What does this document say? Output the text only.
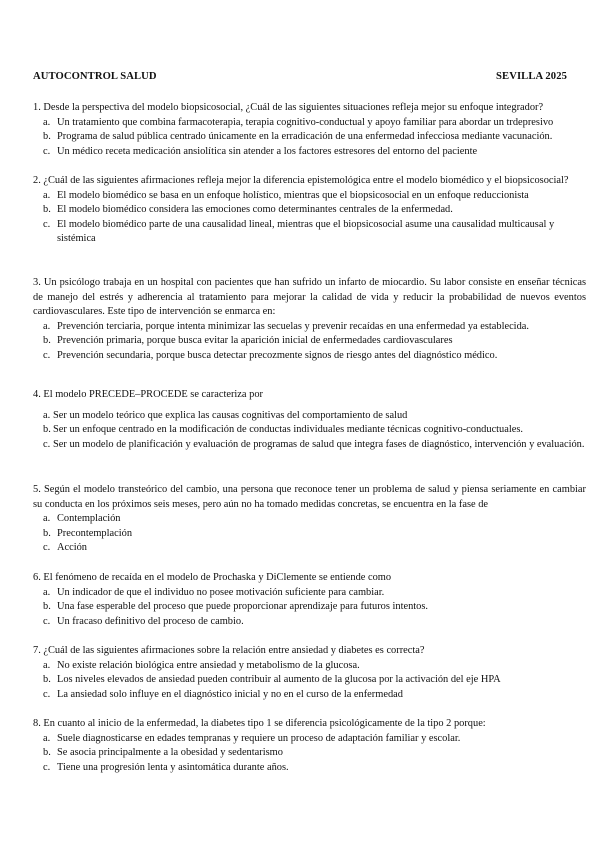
AUTOCONTROL SALUD	SEVILLA 2025

1. Desde la perspectiva del modelo biopsicosocial, ¿Cuál de las siguientes situaciones refleja mejor su enfoque integrador?

a. Un tratamiento que combina farmacoterapia, terapia cognitivo-conductual y apoyo familiar para abordar un trdepresivo
b. Programa de salud pública centrado únicamente en la erradicación de una enfermedad infecciosa mediante vacunación.
c. Un médico receta medicación ansiolítica sin atender a los factores estresores del entorno del paciente

2. ¿Cuál de las siguientes afirmaciones refleja mejor la diferencia epistemológica entre el modelo biomédico y el biopsicosocial?

a. El modelo biomédico se basa en un enfoque holístico, mientras que el biopsicosocial en un enfoque reduccionista
b. El modelo biomédico considera las emociones como determinantes centrales de la enfermedad.
c. El modelo biomédico parte de una causalidad lineal, mientras que el biopsicosocial asume una causalidad multicausal y sistémica

3. Un psicólogo trabaja en un hospital con pacientes que han sufrido un infarto de miocardio. Su labor consiste en enseñar técnicas de manejo del estrés y adherencia al tratamiento para mejorar la calidad de vida y reducir la probabilidad de nuevos eventos cardiovasculares. Este tipo de intervención se enmarca en:

a. Prevención terciaria, porque intenta minimizar las secuelas y prevenir recaídas en una enfermedad ya establecida.
b. Prevención primaria, porque busca evitar la aparición inicial de enfermedades cardiovasculares
c. Prevención secundaria, porque busca detectar precozmente signos de riesgo antes del diagnóstico médico.

4. El modelo PRECEDE–PROCEDE se caracteriza por

a. Ser un modelo teórico que explica las causas cognitivas del comportamiento de salud
b. Ser un enfoque centrado en la modificación de conductas individuales mediante técnicas cognitivo-conductuales.
c. Ser un modelo de planificación y evaluación de programas de salud que integra fases de diagnóstico, intervención y evaluación.

5. Según el modelo transteórico del cambio, una persona que reconoce tener un problema de salud y piensa seriamente en cambiar su conducta en los próximos seis meses, pero aún no ha tomado medidas concretas, se encuentra en la fase de

a. Contemplación
b. Precontemplación
c. Acción

6. El fenómeno de recaída en el modelo de Prochaska y DiClemente se entiende como

a. Un indicador de que el individuo no posee motivación suficiente para cambiar.
b. Una fase esperable del proceso que puede proporcionar aprendizaje para futuros intentos.
c. Un fracaso definitivo del proceso de cambio.

7. ¿Cuál de las siguientes afirmaciones sobre la relación entre ansiedad y diabetes es correcta?

a. No existe relación biológica entre ansiedad y metabolismo de la glucosa.
b. Los niveles elevados de ansiedad pueden contribuir al aumento de la glucosa por la activación del eje HPA
c. La ansiedad solo influye en el diagnóstico inicial y no en el curso de la enfermedad

8. En cuanto al inicio de la enfermedad, la diabetes tipo 1 se diferencia psicológicamente de la tipo 2 porque:

a. Suele diagnosticarse en edades tempranas y requiere un proceso de adaptación familiar y escolar.
b. Se asocia principalmente a la obesidad y sedentarismo
c. Tiene una progresión lenta y asintomática durante años.
